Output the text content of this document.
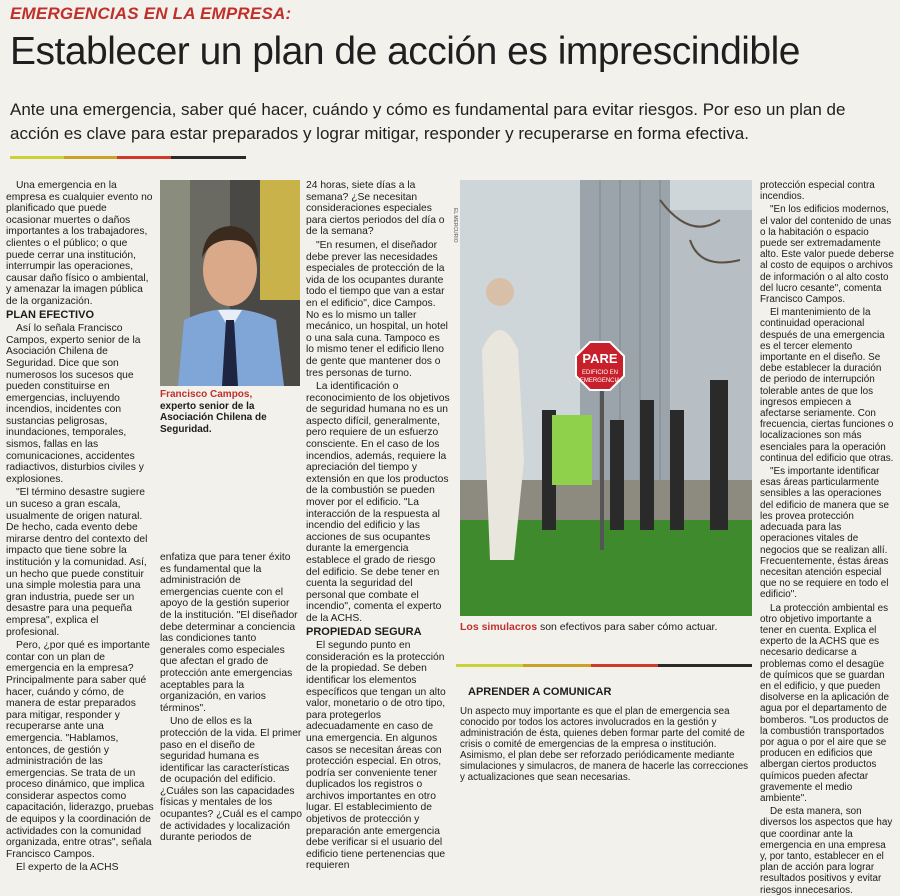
EMERGENCIAS EN LA EMPRESA:
Establecer un plan de acción es imprescindible
Ante una emergencia, saber qué hacer, cuándo y cómo es fundamental para evitar riesgos. Por eso un plan de acción es clave para estar preparados y lograr mitigar, responder y recuperarse en forma efectiva.

Una emergencia en la empresa es cualquier evento no planificado que puede ocasionar muertes o daños importantes a los trabajadores, clientes o el público; o que puede cerrar una institución, interrumpir las operaciones, causar daño físico o ambiental, y amenazar la imagen pública de la organización.

PLAN EFECTIVO

Así lo señala Francisco Campos, experto senior de la Asociación Chilena de Seguridad. Dice que son numerosos los sucesos que pueden constituirse en emergencias, incluyendo incendios, incidentes con sustancias peligrosas, inundaciones, temporales, sismos, fallas en las comunicaciones, accidentes radiactivos, disturbios civiles y explosiones.

"El término desastre sugiere un suceso a gran escala, usualmente de origen natural. De hecho, cada evento debe mirarse dentro del contexto del impacto que tiene sobre la institución y la comunidad. Así, un hecho que puede constituir una simple molestia para una gran industria, puede ser un desastre para una pequeña empresa", explica el profesional.

Pero, ¿por qué es importante contar con un plan de emergencia en la empresa? Principalmente para saber qué hacer, cuándo y cómo, de manera de estar preparados para mitigar, responder y recuperarse ante una emergencia. "Hablamos, entonces, de gestión y administración de las emergencias. Se trata de un proceso dinámico, que implica considerar aspectos como capacitación, liderazgo, pruebas de equipos y la coordinación de actividades con la comunidad organizada, entre otras", señala Francisco Campos.

El experto de la ACHS

Francisco Campos,
experto senior de la
Asociación Chilena de
Seguridad.

enfatiza que para tener éxito es fundamental que la administración de emergencias cuente con el apoyo de la gestión superior de la institución. "El diseñador debe determinar a conciencia las condiciones tanto generales como especiales que afectan el grado de protección ante emergencias aceptables para la organización, en varios términos".

Uno de ellos es la protección de la vida. El primer paso en el diseño de seguridad humana es identificar las características de ocupación del edificio. ¿Cuáles son las capacidades físicas y mentales de los ocupantes? ¿Cuál es el campo de actividades y localización durante periodos de

24 horas, siete días a la semana? ¿Se necesitan consideraciones especiales para ciertos periodos del día o de la semana?

"En resumen, el diseñador debe prever las necesidades especiales de protección de la vida de los ocupantes durante todo el tiempo que van a estar en el edificio", dice Campos. No es lo mismo un taller mecánico, un hospital, un hotel o una sala cuna. Tampoco es lo mismo tener el edificio lleno de gente que mantener dos o tres personas de turno.

La identificación o reconocimiento de los objetivos de seguridad humana no es un aspecto difícil, generalmente, pero requiere de un esfuerzo consciente. En el caso de los incendios, además, requiere la apreciación del tiempo y extensión en que los productos de la combustión se pueden mover por el edificio. "La interacción de la respuesta al incendio del edificio y las acciones de sus ocupantes durante la emergencia establece el grado de riesgo del edificio. Se debe tener en cuenta la seguridad del personal que combate el incendio", comenta el experto de la ACHS.

PROPIEDAD SEGURA

El segundo punto en consideración es la protección de la propiedad. Se deben identificar los elementos específicos que tengan un alto valor, monetario o de otro tipo, para protegerlos adecuadamente en caso de una emergencia. En algunos casos se necesitan áreas con protección especial. En otros, podría ser conveniente tener duplicados los registros o archivos importantes en otro lugar. El establecimiento de objetivos de protección y preparación ante emergencia debe verificar si el usuario del edificio tiene pertenencias que requieren

PARE
EDIFICIO EN
EMERGENCIA
EL MERCURIO
Los simulacros son efectivos para saber cómo actuar.
APRENDER A COMUNICAR
Un aspecto muy importante es que el plan de emergencia sea conocido por todos los actores involucrados en la gestión y administración de ésta, quienes deben formar parte del comité de crisis o comité de emergencias de la empresa o institución. Asimismo, el plan debe ser reforzado periódicamente mediante simulaciones y simulacros, de manera de hacerle las correcciones y actualizaciones que sean necesarias.

protección especial contra incendios.

"En los edificios modernos, el valor del contenido de unas o la habitación o espacio puede ser extremadamente alto. Este valor puede deberse al costo de equipos o archivos de información o al alto costo del lucro cesante", comenta Francisco Campos.

El mantenimiento de la continuidad operacional después de una emergencia es el tercer elemento importante en el diseño. Se debe establecer la duración de periodo de interrupción tolerable antes de que los ingresos empiecen a afectarse seriamente. Con frecuencia, ciertas funciones o localizaciones son más esenciales para la operación continua del edificio que otras.

"Es importante identificar esas áreas particularmente sensibles a las operaciones del edificio de manera que se les provea protección adecuada para las operaciones vitales de negocios que se realizan allí. Frecuentemente, éstas áreas necesitan atención especial que no se requiere en todo el edificio".

La protección ambiental es otro objetivo importante a tener en cuenta. Explica el experto de la ACHS que es necesario dedicarse a problemas como el desagüe de químicos que se guardan en el edificio, y que pueden disolverse en la aplicación de agua por el departamento de bomberos. "Los productos de la combustión transportados por agua o por el aire que se producen en edificios que albergan ciertos productos químicos pueden afectar gravemente el medio ambiente".

De esta manera, son diversos los aspectos que hay que coordinar ante la emergencia en una empresa y, por tanto, establecer en el plan de acción para lograr resultados positivos y evitar riesgos innecesarios.
